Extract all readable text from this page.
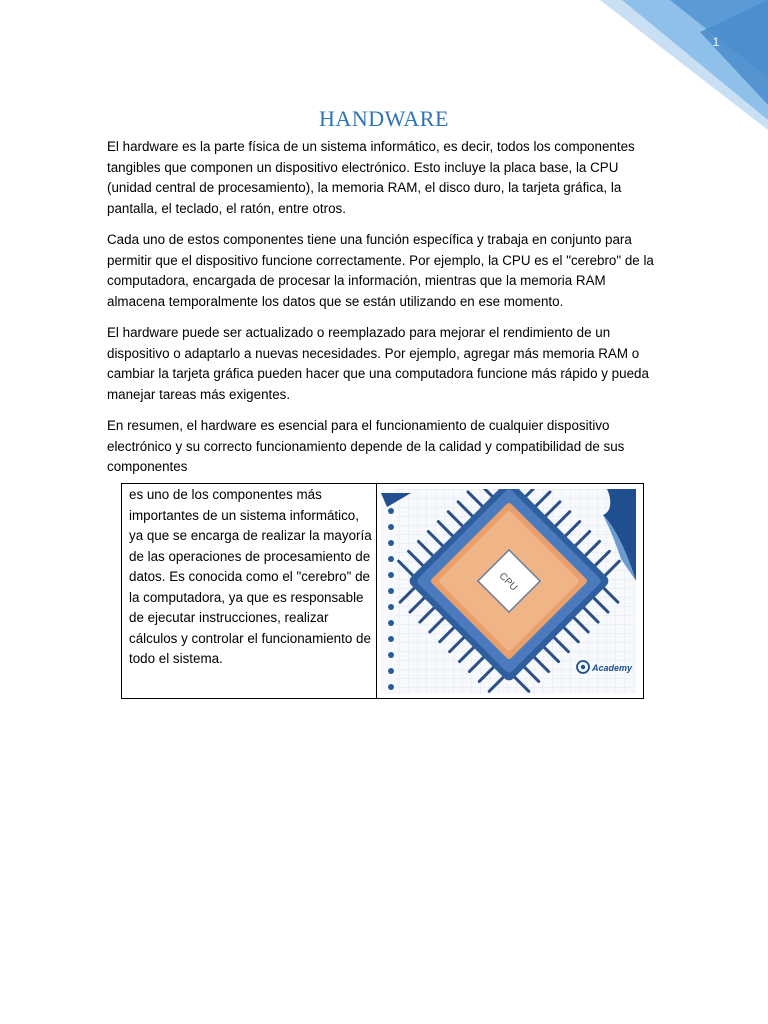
1
HANDWARE

El hardware es la parte física de un sistema informático, es decir, todos los componentes tangibles que componen un dispositivo electrónico. Esto incluye la placa base, la CPU (unidad central de procesamiento), la memoria RAM, el disco duro, la tarjeta gráfica, la pantalla, el teclado, el ratón, entre otros.

Cada uno de estos componentes tiene una función específica y trabaja en conjunto para permitir que el dispositivo funcione correctamente. Por ejemplo, la CPU es el "cerebro" de la computadora, encargada de procesar la información, mientras que la memoria RAM almacena temporalmente los datos que se están utilizando en ese momento.

El hardware puede ser actualizado o reemplazado para mejorar el rendimiento de un dispositivo o adaptarlo a nuevas necesidades. Por ejemplo, agregar más memoria RAM o cambiar la tarjeta gráfica pueden hacer que una computadora funcione más rápido y pueda manejar tareas más exigentes.

En resumen, el hardware es esencial para el funcionamiento de cualquier dispositivo electrónico y su correcto funcionamiento depende de la calidad y compatibilidad de sus componentes

es uno de los componentes más importantes de un sistema informático, ya que se encarga de realizar la mayoría de las operaciones de procesamiento de datos. Es conocida como el "cerebro" de la computadora, ya que es responsable de ejecutar instrucciones, realizar cálculos y controlar el funcionamiento de todo el sistema.
CPU
Academy
